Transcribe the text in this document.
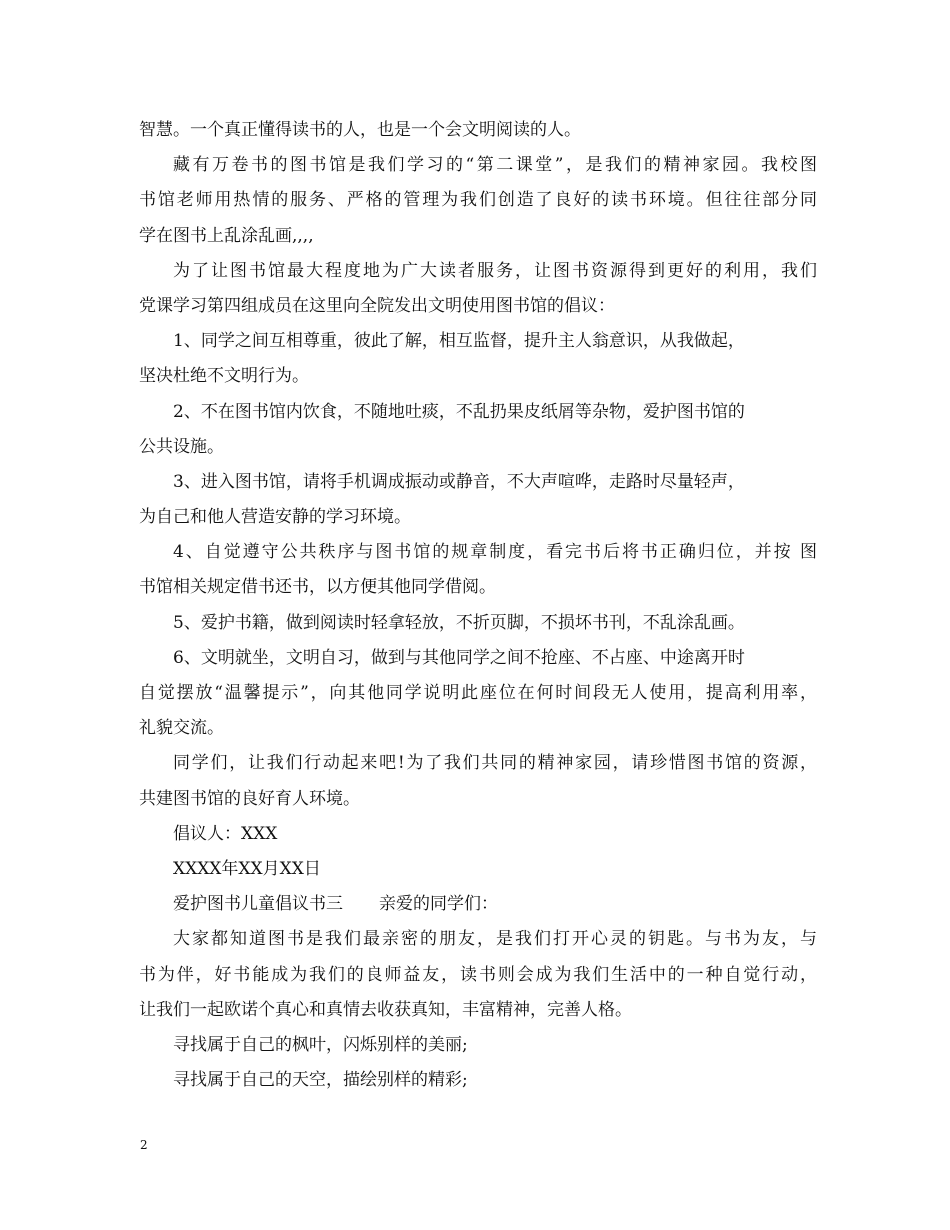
智慧。一个真正懂得读书的人，也是一个会文明阅读的人。
藏有万卷书的图书馆是我们学习的“第二课堂”，是我们的精神家园。我校图
书馆老师用热情的服务、严格的管理为我们创造了良好的读书环境。但往往部分同
学在图书上乱涂乱画,,,,
为了让图书馆最大程度地为广大读者服务，让图书资源得到更好的利用，我们
党课学习第四组成员在这里向全院发出文明使用图书馆的倡议：
1、同学之间互相尊重，彼此了解，相互监督，提升主人翁意识，从我做起，
坚决杜绝不文明行为。
2、不在图书馆内饮食，不随地吐痰，不乱扔果皮纸屑等杂物，爱护图书馆的
公共设施。
3、进入图书馆，请将手机调成振动或静音，不大声喧哗，走路时尽量轻声，
为自己和他人营造安静的学习环境。
4、自觉遵守公共秩序与图书馆的规章制度，看完书后将书正确归位，并按 图
书馆相关规定借书还书，以方便其他同学借阅。
5、爱护书籍，做到阅读时轻拿轻放，不折页脚，不损坏书刊，不乱涂乱画。
6、文明就坐，文明自习，做到与其他同学之间不抢座、不占座、中途离开时
自觉摆放“温馨提示”，向其他同学说明此座位在何时间段无人使用，提高利用率，
礼貌交流。
同学们，让我们行动起来吧!为了我们共同的精神家园，请珍惜图书馆的资源，
共建图书馆的良好育人环境。
倡议人：XXX
XXXX年XX月XX日
爱护图书儿童倡议书三 亲爱的同学们：
大家都知道图书是我们最亲密的朋友，是我们打开心灵的钥匙。与书为友，与
书为伴，好书能成为我们的良师益友，读书则会成为我们生活中的一种自觉行动，
让我们一起欧诺个真心和真情去收获真知，丰富精神，完善人格。
寻找属于自己的枫叶，闪烁别样的美丽;
寻找属于自己的天空，描绘别样的精彩;
2
